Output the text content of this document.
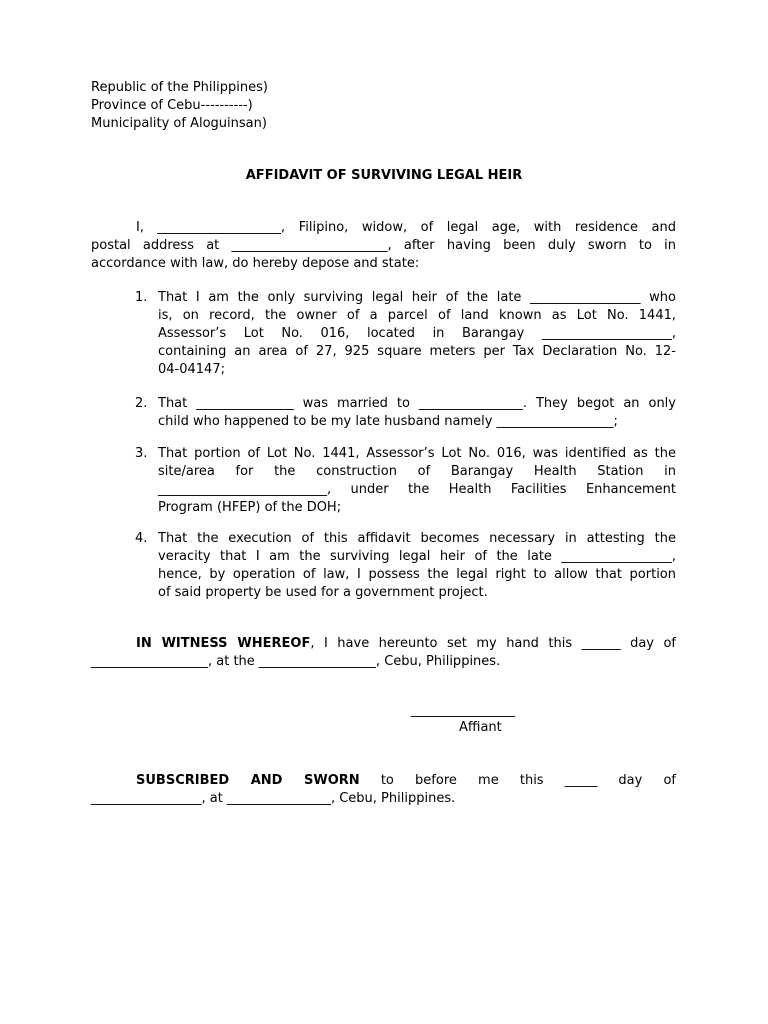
Republic of the Philippines)
Province of Cebu----------)
Municipality of Aloguinsan)
AFFIDAVIT OF SURVIVING LEGAL HEIR
I, ___________________, Filipino, widow, of legal age, with residence and
postal address at ________________________, after having been duly sworn to in
accordance with law, do hereby depose and state:
1. That I am the only surviving legal heir of the late _________________ who
is, on record, the owner of a parcel of land known as Lot No. 1441,
Assessor’s Lot No. 016, located in Barangay ____________________,
containing an area of 27, 925 square meters per Tax Declaration No. 12-
04-04147;
2. That _______________ was married to ________________. They begot an only
child who happened to be my late husband namely __________________;
3. That portion of Lot No. 1441, Assessor’s Lot No. 016, was identified as the
site/area for the construction of Barangay Health Station in
__________________________, under the Health Facilities Enhancement
Program (HFEP) of the DOH;
4. That the execution of this affidavit becomes necessary in attesting the
veracity that I am the surviving legal heir of the late _________________,
hence, by operation of law, I possess the legal right to allow that portion
of said property be used for a government project.
IN WITNESS WHEREOF, I have hereunto set my hand this ______ day of
__________________, at the __________________, Cebu, Philippines.
________________
Affiant
SUBSCRIBED AND SWORN to before me this _____ day of
_________________, at ________________, Cebu, Philippines.
